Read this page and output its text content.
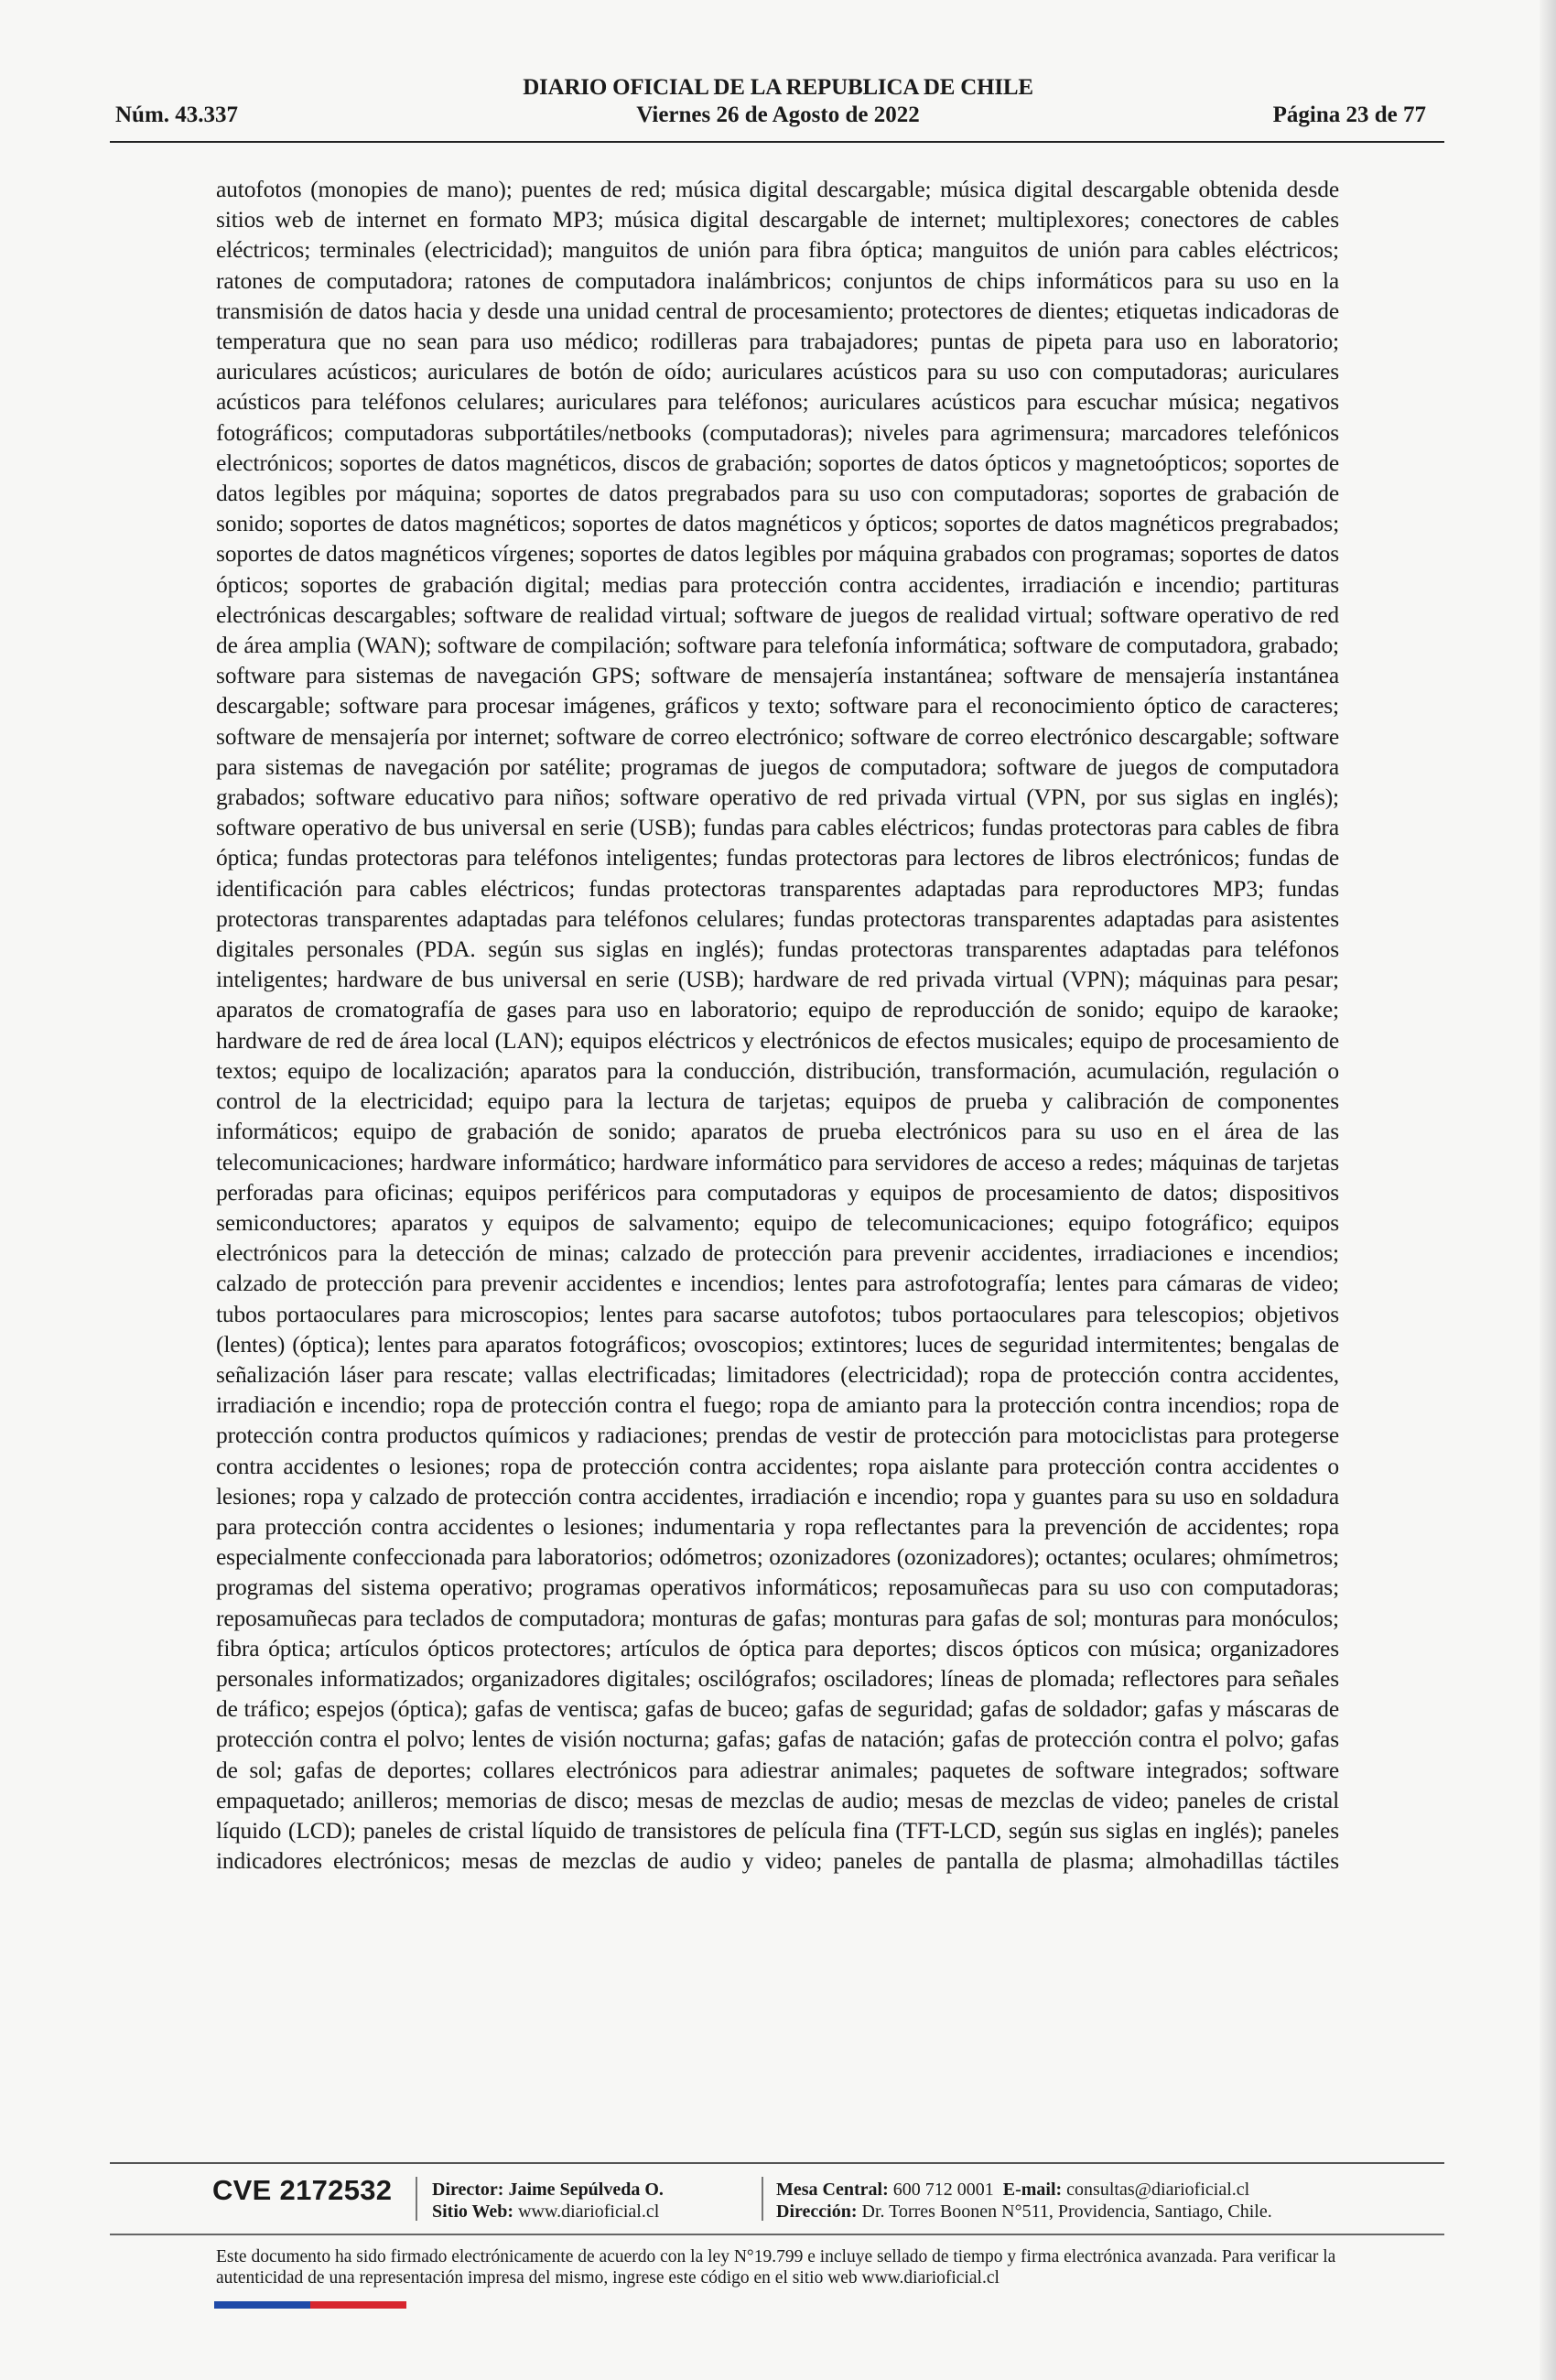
DIARIO OFICIAL DE LA REPUBLICA DE CHILE
Núm. 43.337	Viernes 26 de Agosto de 2022	Página 23 de 77
autofotos (monopies de mano); puentes de red; música digital descargable; música digital descargable obtenida desde sitios web de internet en formato MP3; música digital descargable de internet; multiplexores; conectores de cables eléctricos; terminales (electricidad); manguitos de unión para fibra óptica; manguitos de unión para cables eléctricos; ratones de computadora; ratones de computadora inalámbricos; conjuntos de chips informáticos para su uso en la transmisión de datos hacia y desde una unidad central de procesamiento; protectores de dientes; etiquetas indicadoras de temperatura que no sean para uso médico; rodilleras para trabajadores; puntas de pipeta para uso en laboratorio; auriculares acústicos; auriculares de botón de oído; auriculares acústicos para su uso con computadoras; auriculares acústicos para teléfonos celulares; auriculares para teléfonos; auriculares acústicos para escuchar música; negativos fotográficos; computadoras subportátiles/netbooks (computadoras); niveles para agrimensura; marcadores telefónicos electrónicos; soportes de datos magnéticos, discos de grabación; soportes de datos ópticos y magnetoópticos; soportes de datos legibles por máquina; soportes de datos pregrabados para su uso con computadoras; soportes de grabación de sonido; soportes de datos magnéticos; soportes de datos magnéticos y ópticos; soportes de datos magnéticos pregrabados; soportes de datos magnéticos vírgenes; soportes de datos legibles por máquina grabados con programas; soportes de datos ópticos; soportes de grabación digital; medias para protección contra accidentes, irradiación e incendio; partituras electrónicas descargables; software de realidad virtual; software de juegos de realidad virtual; software operativo de red de área amplia (WAN); software de compilación; software para telefonía informática; software de computadora, grabado; software para sistemas de navegación GPS; software de mensajería instantánea; software de mensajería instantánea descargable; software para procesar imágenes, gráficos y texto; software para el reconocimiento óptico de caracteres; software de mensajería por internet; software de correo electrónico; software de correo electrónico descargable; software para sistemas de navegación por satélite; programas de juegos de computadora; software de juegos de computadora grabados; software educativo para niños; software operativo de red privada virtual (VPN, por sus siglas en inglés); software operativo de bus universal en serie (USB); fundas para cables eléctricos; fundas protectoras para cables de fibra óptica; fundas protectoras para teléfonos inteligentes; fundas protectoras para lectores de libros electrónicos; fundas de identificación para cables eléctricos; fundas protectoras transparentes adaptadas para reproductores MP3; fundas protectoras transparentes adaptadas para teléfonos celulares; fundas protectoras transparentes adaptadas para asistentes digitales personales (PDA. según sus siglas en inglés); fundas protectoras transparentes adaptadas para teléfonos inteligentes; hardware de bus universal en serie (USB); hardware de red privada virtual (VPN); máquinas para pesar; aparatos de cromatografía de gases para uso en laboratorio; equipo de reproducción de sonido; equipo de karaoke; hardware de red de área local (LAN); equipos eléctricos y electrónicos de efectos musicales; equipo de procesamiento de textos; equipo de localización; aparatos para la conducción, distribución, transformación, acumulación, regulación o control de la electricidad; equipo para la lectura de tarjetas; equipos de prueba y calibración de componentes informáticos; equipo de grabación de sonido; aparatos de prueba electrónicos para su uso en el área de las telecomunicaciones; hardware informático; hardware informático para servidores de acceso a redes; máquinas de tarjetas perforadas para oficinas; equipos periféricos para computadoras y equipos de procesamiento de datos; dispositivos semiconductores; aparatos y equipos de salvamento; equipo de telecomunicaciones; equipo fotográfico; equipos electrónicos para la detección de minas; calzado de protección para prevenir accidentes, irradiaciones e incendios; calzado de protección para prevenir accidentes e incendios; lentes para astrofotografía; lentes para cámaras de video; tubos portaoculares para microscopios; lentes para sacarse autofotos; tubos portaoculares para telescopios; objetivos (lentes) (óptica); lentes para aparatos fotográficos; ovoscopios; extintores; luces de seguridad intermitentes; bengalas de señalización láser para rescate; vallas electrificadas; limitadores (electricidad); ropa de protección contra accidentes, irradiación e incendio; ropa de protección contra el fuego; ropa de amianto para la protección contra incendios; ropa de protección contra productos químicos y radiaciones; prendas de vestir de protección para motociclistas para protegerse contra accidentes o lesiones; ropa de protección contra accidentes; ropa aislante para protección contra accidentes o lesiones; ropa y calzado de protección contra accidentes, irradiación e incendio; ropa y guantes para su uso en soldadura para protección contra accidentes o lesiones; indumentaria y ropa reflectantes para la prevención de accidentes; ropa especialmente confeccionada para laboratorios; odómetros; ozonizadores (ozonizadores); octantes; oculares; ohmímetros; programas del sistema operativo; programas operativos informáticos; reposamuñecas para su uso con computadoras; reposamuñecas para teclados de computadora; monturas de gafas; monturas para gafas de sol; monturas para monóculos; fibra óptica; artículos ópticos protectores; artículos de óptica para deportes; discos ópticos con música; organizadores personales informatizados; organizadores digitales; oscilógrafos; osciladores; líneas de plomada; reflectores para señales de tráfico; espejos (óptica); gafas de ventisca; gafas de buceo; gafas de seguridad; gafas de soldador; gafas y máscaras de protección contra el polvo; lentes de visión nocturna; gafas; gafas de natación; gafas de protección contra el polvo; gafas de sol; gafas de deportes; collares electrónicos para adiestrar animales; paquetes de software integrados; software empaquetado; anilleros; memorias de disco; mesas de mezclas de audio; mesas de mezclas de video; paneles de cristal líquido (LCD); paneles de cristal líquido de transistores de película fina (TFT-LCD, según sus siglas en inglés); paneles indicadores electrónicos; mesas de mezclas de audio y video; paneles de pantalla de plasma; almohadillas táctiles
CVE 2172532 Director: Jaime Sepúlveda O.
Sitio Web: www.diarioficial.cl
Mesa Central: 600 712 0001 E-mail: consultas@diarioficial.cl
Dirección: Dr. Torres Boonen N°511, Providencia, Santiago, Chile.
Este documento ha sido firmado electrónicamente de acuerdo con la ley N°19.799 e incluye sellado de tiempo y firma electrónica avanzada. Para verificar la autenticidad de una representación impresa del mismo, ingrese este código en el sitio web www.diarioficial.cl
